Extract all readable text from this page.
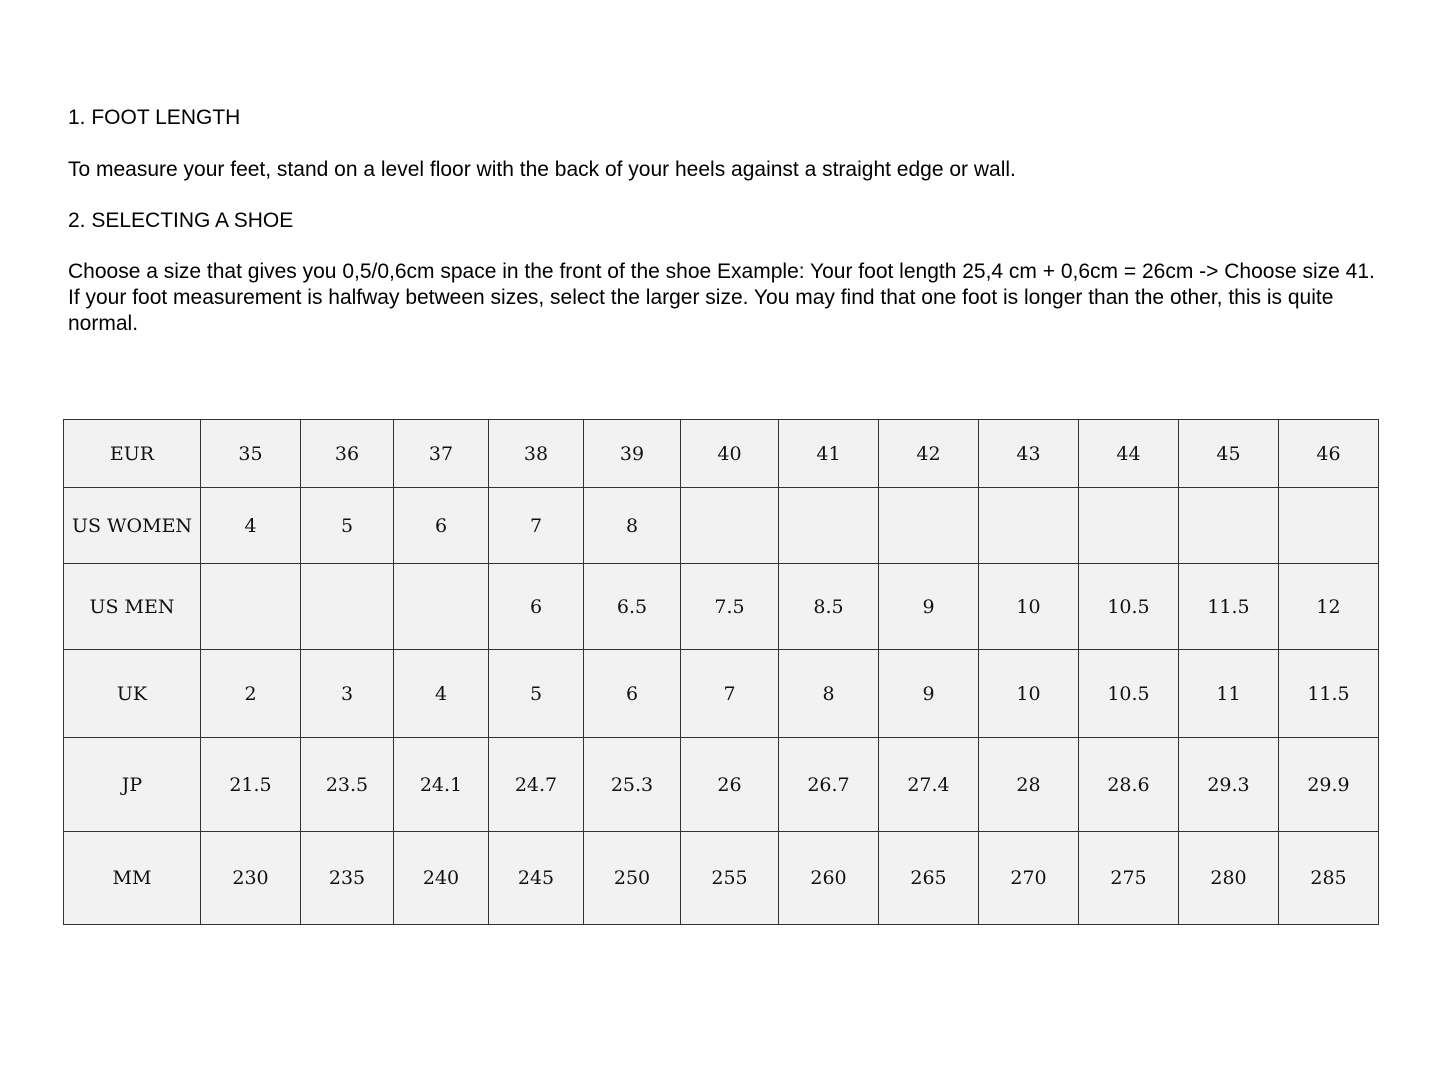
1. FOOT LENGTH

To measure your feet, stand on a level floor with the back of your heels against a straight edge or wall.

2. SELECTING A SHOE

Choose a size that gives you 0,5/0,6cm space in the front of the shoe Example: Your foot length 25,4 cm + 0,6cm = 26cm -> Choose size 41. If your foot measurement is halfway between sizes, select the larger size. You may find that one foot is longer than the other, this is quite normal.

EUR	35	36	37	38	39	40	41	42	43	44	45	46
US WOMEN	4	5	6	7	8							
US MEN				6	6.5	7.5	8.5	9	10	10.5	11.5	12
UK	2	3	4	5	6	7	8	9	10	10.5	11	11.5
JP	21.5	23.5	24.1	24.7	25.3	26	26.7	27.4	28	28.6	29.3	29.9
MM	230	235	240	245	250	255	260	265	270	275	280	285
